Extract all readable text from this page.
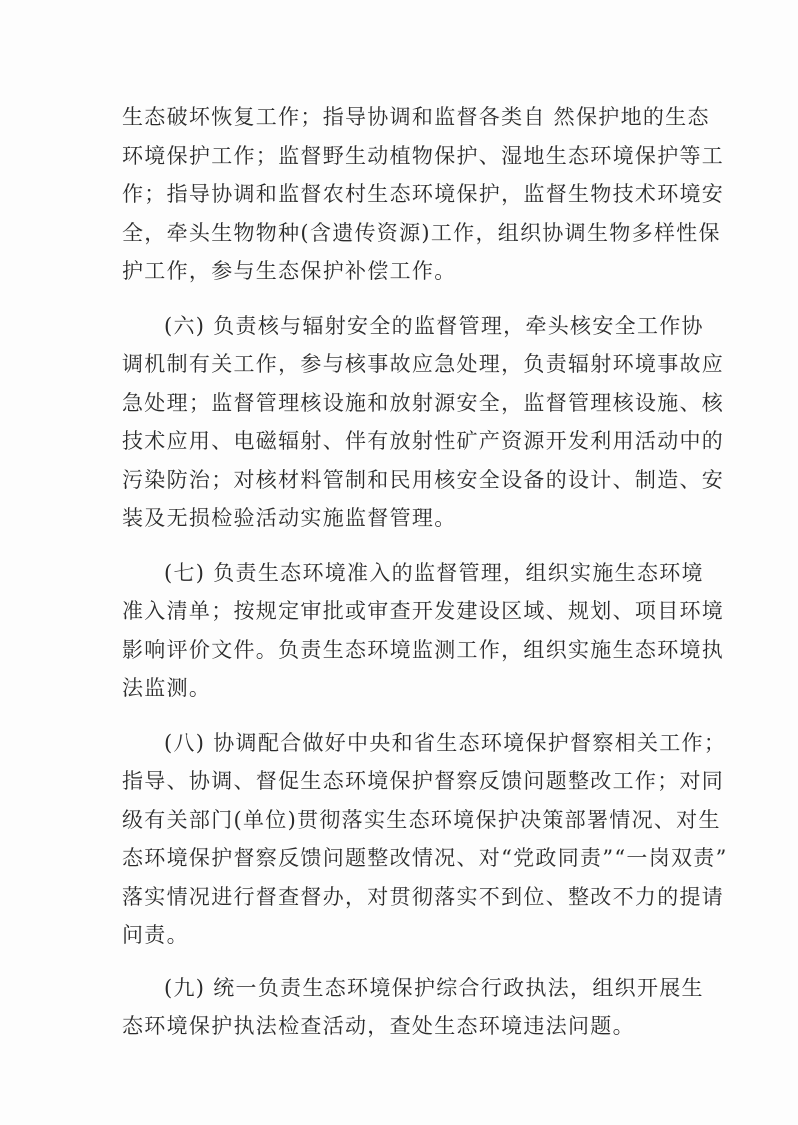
生态破坏恢复工作；指导协调和监督各类自 然保护地的生态
环境保护工作；监督野生动植物保护、湿地生态环境保护等工
作；指导协调和监督农村生态环境保护，监督生物技术环境安
全，牵头生物物种(含遗传资源)工作，组织协调生物多样性保
护工作，参与生态保护补偿工作。
(六) 负责核与辐射安全的监督管理，牵头核安全工作协
调机制有关工作，参与核事故应急处理，负责辐射环境事故应
急处理；监督管理核设施和放射源安全，监督管理核设施、核
技术应用、电磁辐射、伴有放射性矿产资源开发利用活动中的
污染防治；对核材料管制和民用核安全设备的设计、制造、安
装及无损检验活动实施监督管理。
(七) 负责生态环境准入的监督管理，组织实施生态环境
准入清单；按规定审批或审查开发建设区域、规划、项目环境
影响评价文件。负责生态环境监测工作，组织实施生态环境执
法监测。
(八) 协调配合做好中央和省生态环境保护督察相关工作；
指导、协调、督促生态环境保护督察反馈问题整改工作；对同
级有关部门(单位)贯彻落实生态环境保护决策部署情况、对生
态环境保护督察反馈问题整改情况、对“党政同责”“一岗双责”
落实情况进行督查督办，对贯彻落实不到位、整改不力的提请
问责。
(九) 统一负责生态环境保护综合行政执法，组织开展生
态环境保护执法检查活动，查处生态环境违法问题。
